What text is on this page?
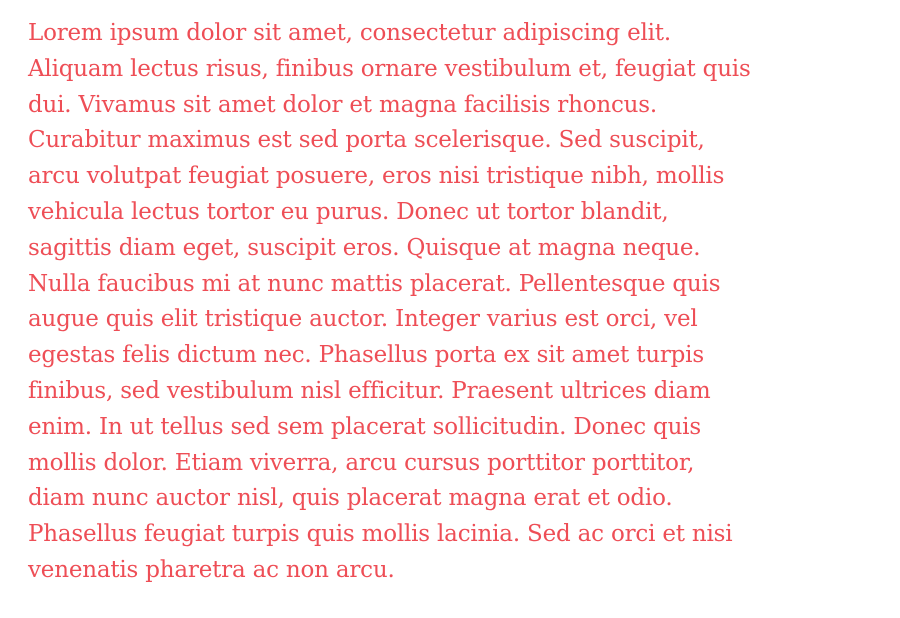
Lorem ipsum dolor sit amet, consectetur adipiscing elit.
Aliquam lectus risus, finibus ornare vestibulum et, feugiat quis
dui. Vivamus sit amet dolor et magna facilisis rhoncus.
Curabitur maximus est sed porta scelerisque. Sed suscipit,
arcu volutpat feugiat posuere, eros nisi tristique nibh, mollis
vehicula lectus tortor eu purus. Donec ut tortor blandit,
sagittis diam eget, suscipit eros. Quisque at magna neque.
Nulla faucibus mi at nunc mattis placerat. Pellentesque quis
augue quis elit tristique auctor. Integer varius est orci, vel
egestas felis dictum nec. Phasellus porta ex sit amet turpis
finibus, sed vestibulum nisl efficitur. Praesent ultrices diam
enim. In ut tellus sed sem placerat sollicitudin. Donec quis
mollis dolor. Etiam viverra, arcu cursus porttitor porttitor,
diam nunc auctor nisl, quis placerat magna erat et odio.
Phasellus feugiat turpis quis mollis lacinia. Sed ac orci et nisi
venenatis pharetra ac non arcu.
